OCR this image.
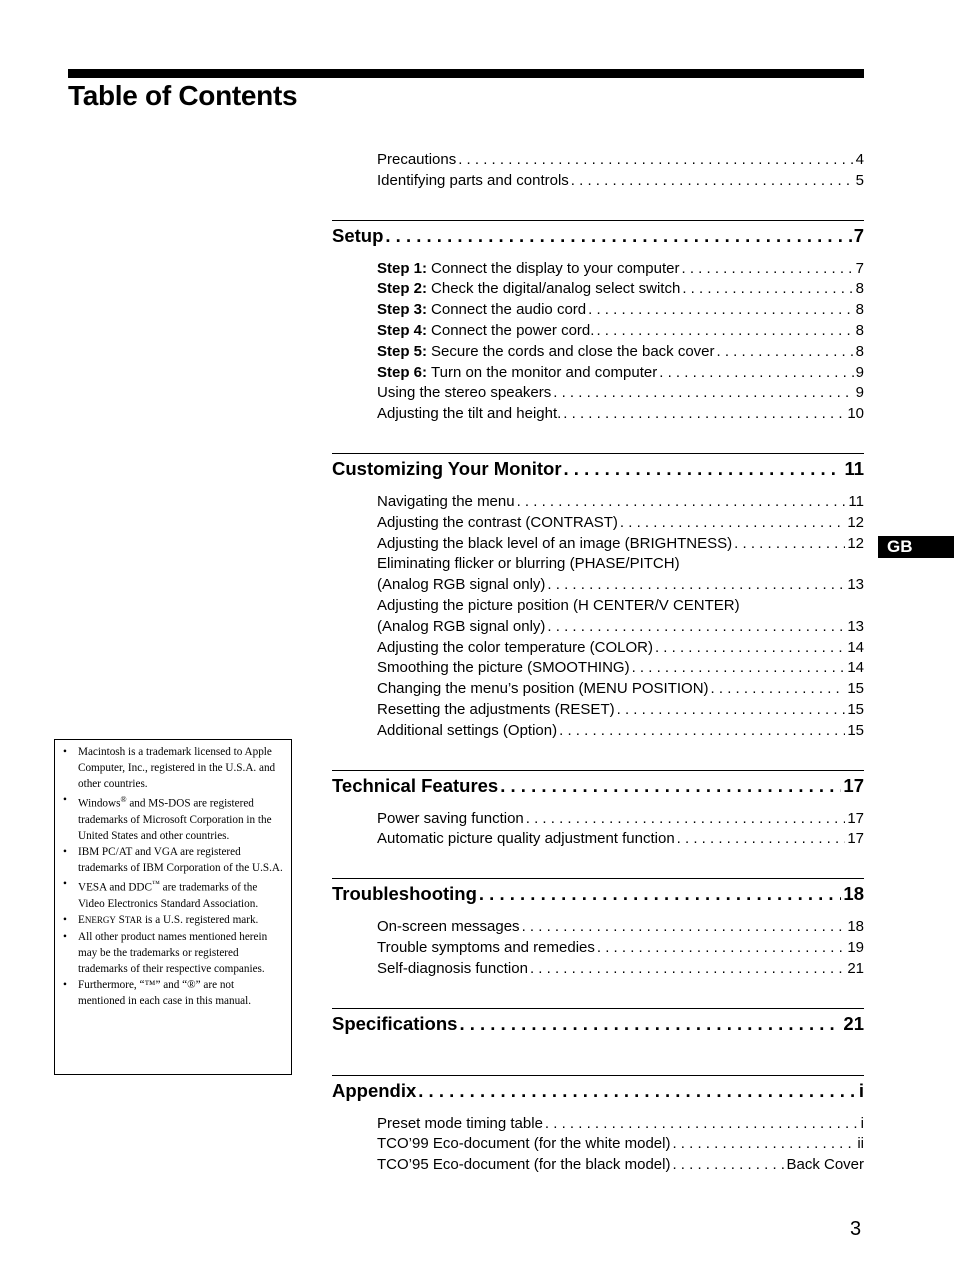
Table of Contents
Precautions . . .	4
Identifying parts and controls . . .	5
Setup . . .	7
Step 1: Connect the display to your computer . . .	7
Step 2: Check the digital/analog select switch . . .	8
Step 3: Connect the audio cord . . .	8
Step 4: Connect the power cord. . . .	8
Step 5: Secure the cords and close the back cover . . .	8
Step 6: Turn on the monitor and computer . . .	9
Using the stereo speakers . . .	9
Adjusting the tilt and height. . . .	10
Customizing Your Monitor . . .	11
Navigating the menu . . .	11
Adjusting the contrast (CONTRAST) . . .	12
Adjusting the black level of an image (BRIGHTNESS) . . .	12
Eliminating flicker or blurring (PHASE/PITCH)
(Analog RGB signal only) . . .	13
Adjusting the picture position (H CENTER/V CENTER)
(Analog RGB signal only) . . .	13
Adjusting the color temperature (COLOR) . . .	14
Smoothing the picture (SMOOTHING) . . .	14
Changing the menu’s position (MENU POSITION) . . .	15
Resetting the adjustments (RESET) . . .	15
Additional settings (Option) . . .	15
Technical Features . . .	17
Power saving function . . .	17
Automatic picture quality adjustment function . . .	17
Troubleshooting . . .	18
On-screen messages . . .	18
Trouble symptoms and remedies . . .	19
Self-diagnosis function . . .	21
Specifications . . .	21
Appendix . . .	i
Preset mode timing table . . .	i
TCO’99 Eco-document (for the white model) . . .	ii
TCO’95 Eco-document (for the black model) . . .	Back Cover
GB
• Macintosh is a trademark licensed to Apple Computer, Inc., registered in the U.S.A. and other countries.
• Windows® and MS-DOS are registered trademarks of Microsoft Corporation in the United States and other countries.
• IBM PC/AT and VGA are registered trademarks of IBM Corporation of the U.S.A.
• VESA and DDC™ are trademarks of the Video Electronics Standard Association.
• ENERGY STAR is a U.S. registered mark.
• All other product names mentioned herein may be the trademarks or registered trademarks of their respective companies.
• Furthermore, “™” and “®” are not mentioned in each case in this manual.
3
